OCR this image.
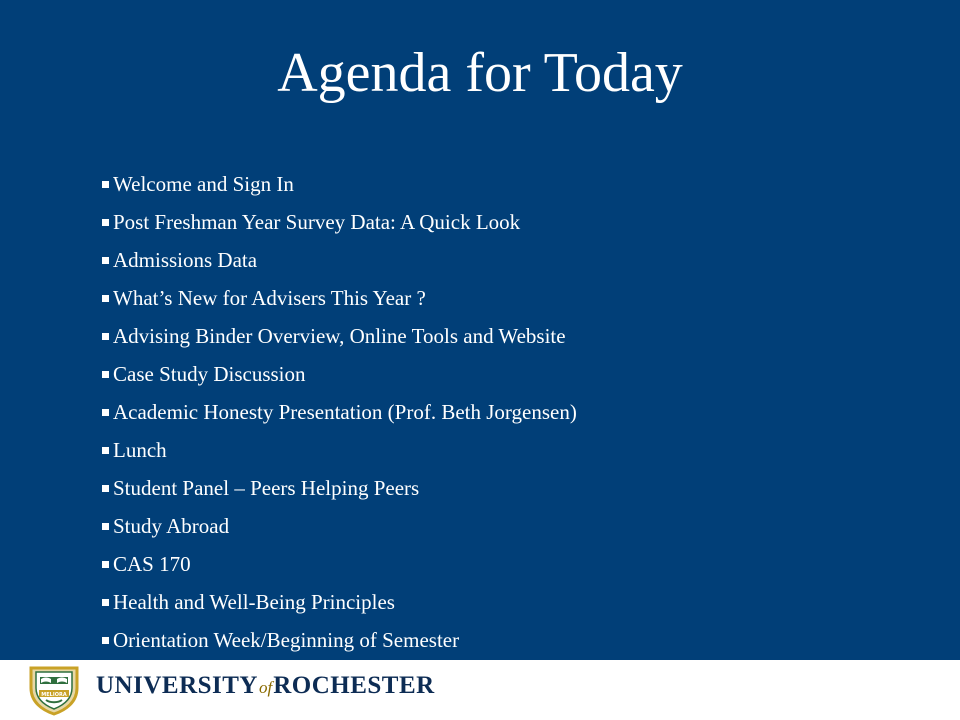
Agenda for Today
Welcome and Sign In
Post Freshman Year Survey Data: A Quick Look
Admissions Data
What’s New for Advisers This Year ?
Advising Binder Overview, Online Tools and Website
Case Study Discussion
Academic Honesty Presentation (Prof. Beth Jorgensen)
Lunch
Student Panel – Peers Helping Peers
Study Abroad
CAS 170
Health and Well-Being Principles
Orientation Week/Beginning of Semester
MELIORA UNIVERSITYofROCHESTER
